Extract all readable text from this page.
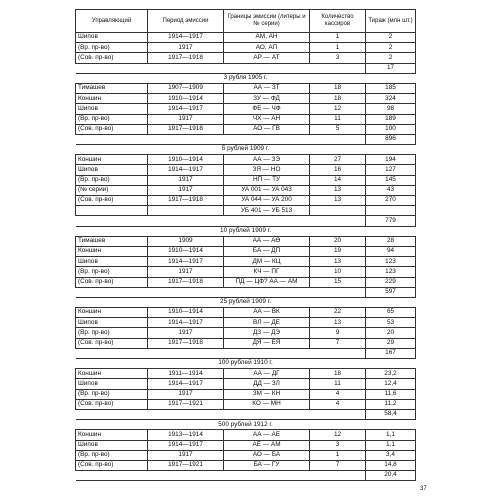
Управляющий	Период эмиссии	Границы эмиссии (литеры и № серии)	Количество кассиров	Тираж (млн шт.)
Шипов	1914—1917	АМ, АН	1	2
(Вр. пр-во)	1917	АО, АП	1	2
(Сов. пр-во)	1917—1918	АР — АТ	3	2
				17
3 рубля 1905 г.				
Тимашев	1907—1909	АА — ЗТ	18	185
Коншин	1910—1914	ЗУ — ФД	18	324
Шипов	1914—1917	ФЕ — ЧФ	12	98
(Вр. пр-во)	1917	ЧХ — АН	11	189
(Сов. пр-во)	1917—1918	АО — ГВ	5	100
				896
5 рублей 1909 г.				
Коншин	1910—1914	АА — ЗЭ	27	194
Шипов	1914—1917	ЗЯ — НО	16	127
(Вр. пр-во)	1917	НП — ТУ	14	145
(№ серии)	1917	УА 001 — УА 043	13	43
(Сов. пр-во)	1917—1918	УА 044 — УА 200	13	270
		УБ 401 — УБ 513		
				779
10 рублей 1909 г.				
Тимашев	1909	АА — АӨ	20	28
Коншин	1910—1914	БА — ДП	19	94
Шипов	1914—1917	ДМ — КЦ	13	123
(Вр. пр-во)	1917	КЧ — ПГ	10	123
(Сов. пр-во)	1917—1918	ПД — ЦФ? АА — АМ	15	229
				597
25 рублей 1909 г.				
Коншин	1910—1914	АА — ВК	22	65
Шипов	1914—1917	ВЛ — ДЕ	13	53
(Вр. пр-во)	1917	ДЗ — ДЭ	9	20
(Сов. пр-во)	1917—1918	ДЯ — ЕЯ	7	29
				167
100 рублей 1910 г.				
Коншин	1911—1914	АА — ДГ	18	23,2
Шипов	1914—1917	ДД — ЗЛ	11	12,4
(Вр. пр-во)	1917	ЗМ — КН	4	11,6
(Сов. пр-во)	1917—1921	КО — МН	4	11,2
				58,4
500 рублей 1912 г.				
Коншин	1913—1914	АА — АЕ	12	1,1
Шипов	1914—1917	АЕ — АМ	3	1,1
(Вр. пр-во)	1917	АО — БА	1	3,4
(Сов. пр-во)	1917—1921	БА — ГУ	7	14,8
				20,4
37
